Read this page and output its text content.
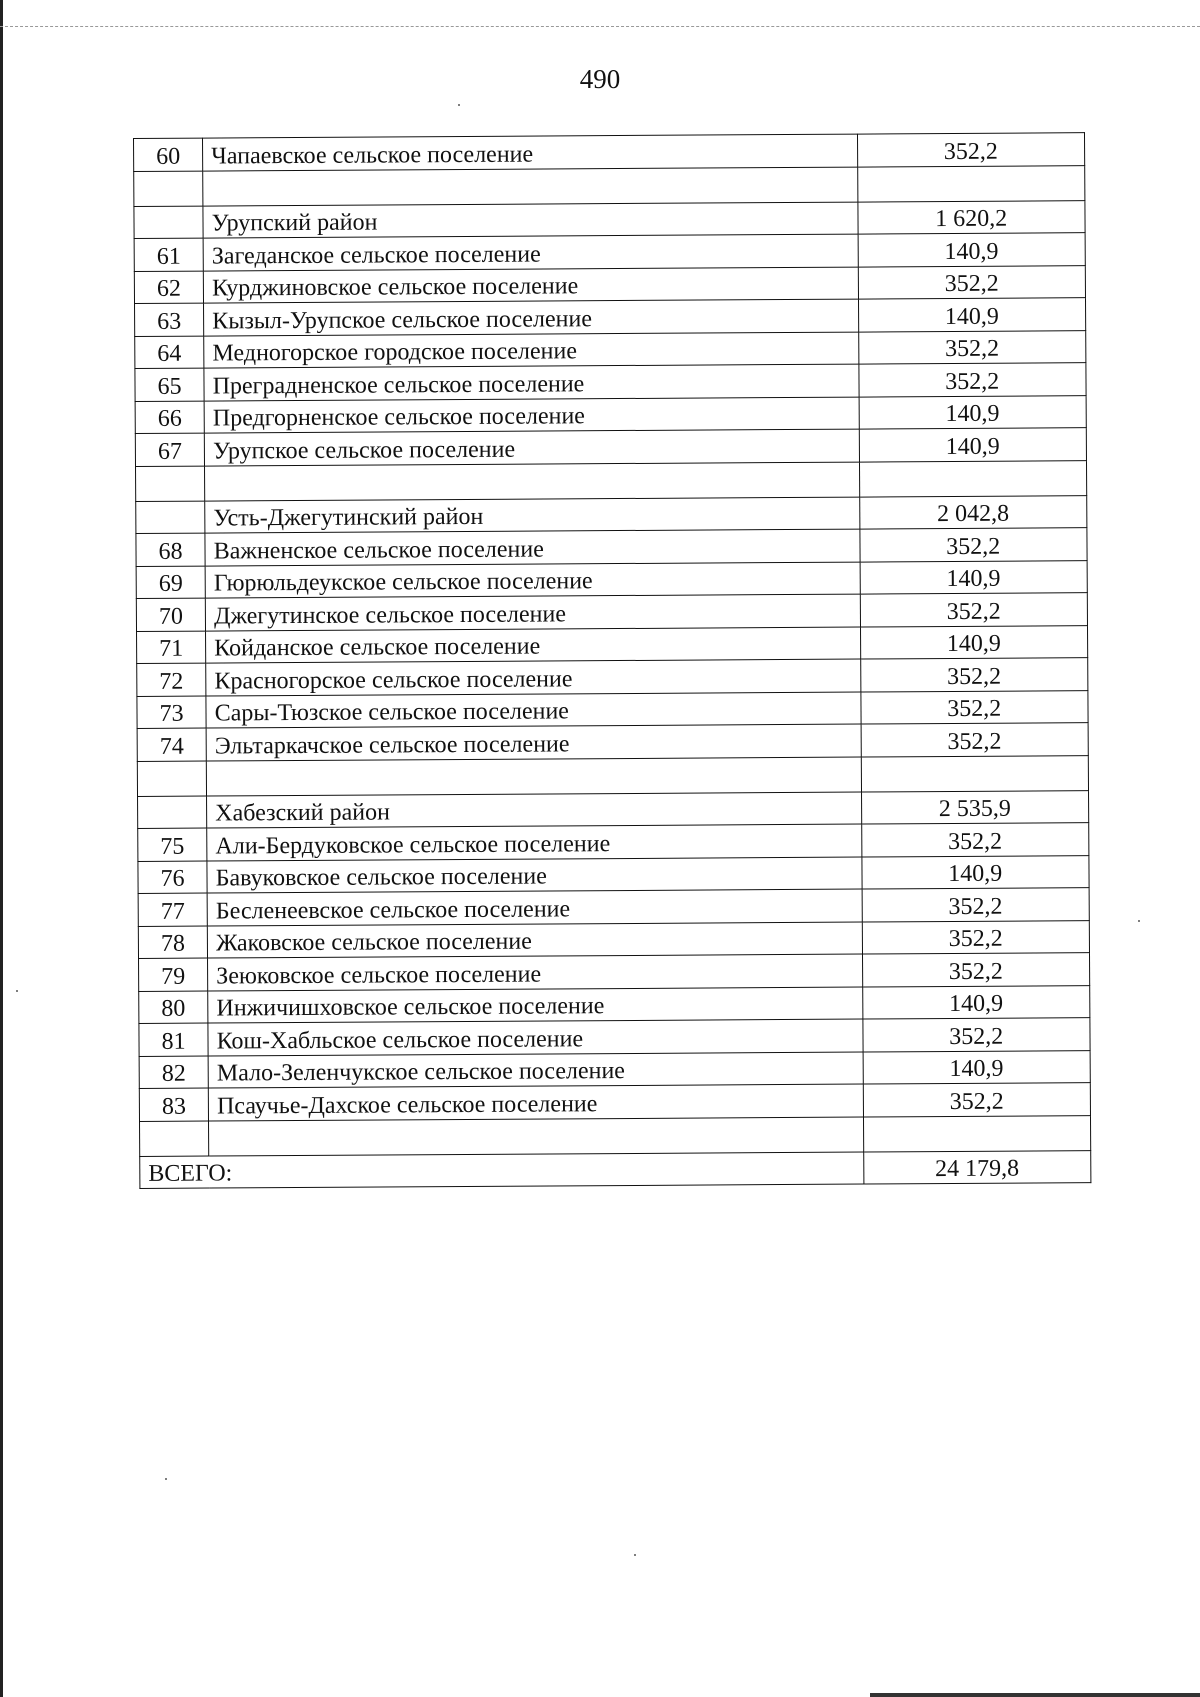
490
60	Чапаевское сельское поселение	352,2

	Урупский район	1 620,2
61	Загеданское сельское поселение	140,9
62	Курджиновское сельское поселение	352,2
63	Кызыл-Урупское сельское поселение	140,9
64	Медногорское городское поселение	352,2
65	Преградненское сельское поселение	352,2
66	Предгорненское сельское поселение	140,9
67	Урупское сельское поселение	140,9

	Усть-Джегутинский район	2 042,8
68	Важненское сельское поселение	352,2
69	Гюрюльдеукское сельское поселение	140,9
70	Джегутинское сельское поселение	352,2
71	Койданское сельское поселение	140,9
72	Красногорское сельское поселение	352,2
73	Сары-Тюзское сельское поселение	352,2
74	Эльтаркачское сельское поселение	352,2

	Хабезский район	2 535,9
75	Али-Бердуковское сельское поселение	352,2
76	Бавуковское сельское поселение	140,9
77	Бесленеевское сельское поселение	352,2
78	Жаковское сельское поселение	352,2
79	Зеюковское сельское поселение	352,2
80	Инжичишховское сельское поселение	140,9
81	Кош-Хабльское сельское поселение	352,2
82	Мало-Зеленчукское сельское поселение	140,9
83	Псаучье-Дахское сельское поселение	352,2

ВСЕГО:		24 179,8
